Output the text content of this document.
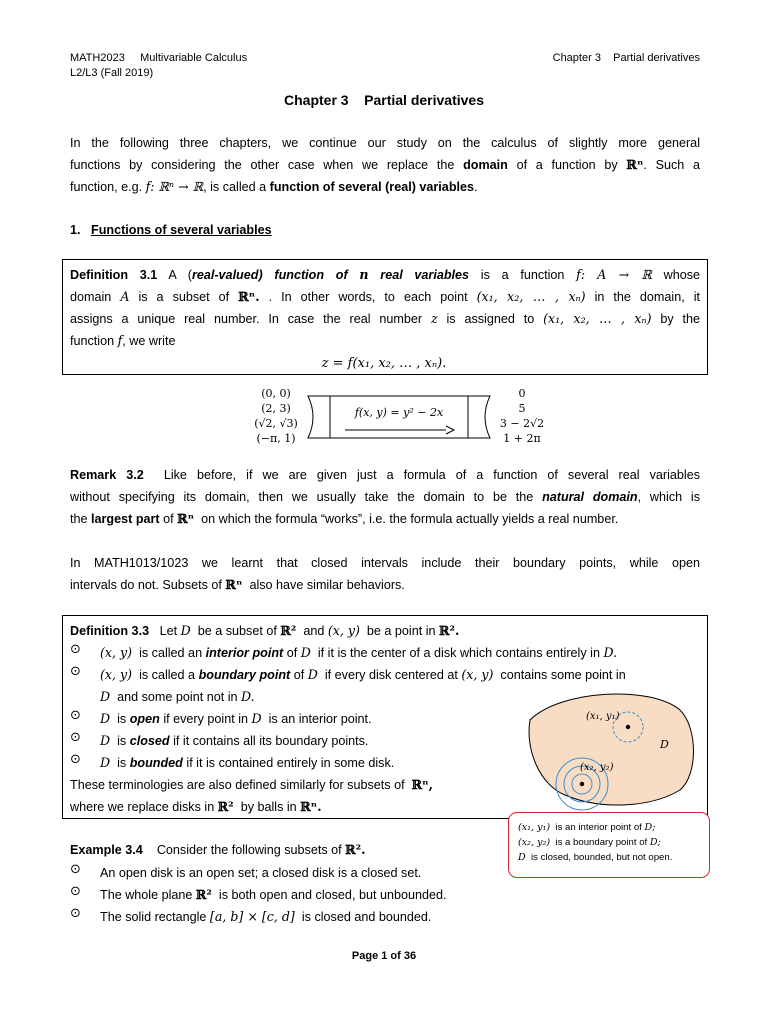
MATH2023 Multivariable Calculus
L2/L3 (Fall 2019)
Chapter 3 Partial derivatives
Chapter 3    Partial derivatives
In the following three chapters, we continue our study on the calculus of slightly more general
functions by considering the other case when we replace the domain of a function by ℝⁿ. Such a
function, e.g. f: ℝⁿ → ℝ, is called a function of several (real) variables.
1. Functions of several variables
Definition 3.1 A (real-valued) function of n real variables is a function f: A → ℝ whose
domain A is a subset of ℝⁿ. . In other words, to each point (x₁, x₂, … , xₙ) in the domain, it
assigns a unique real number. In case the real number z is assigned to (x₁, x₂, … , xₙ) by the
function f, we write
z = f(x₁, x₂, … , xₙ).
(0, 0)
(2, 3)
(√2, √3)
(−π, 1)
f(x, y) = y² − 2x
0
5
3 − 2√2
1 + 2π
Remark 3.2 Like before, if we are given just a formula of a function of several real variables
without specifying its domain, then we usually take the domain to be the natural domain, which is
the largest part of ℝⁿ on which the formula “works”, i.e. the formula actually yields a real number.
In MATH1013/1023 we learnt that closed intervals include their boundary points, while open
intervals do not. Subsets of ℝⁿ also have similar behaviors.
Definition 3.3 Let D be a subset of ℝ² and (x, y) be a point in ℝ².
⊙ (x, y) is called an interior point of D if it is the center of a disk which contains entirely in D.
⊙ (x, y) is called a boundary point of D if every disk centered at (x, y) contains some point in
D and some point not in D.
⊙ D is open if every point in D is an interior point.
⊙ D is closed if it contains all its boundary points.
⊙ D is bounded if it is contained entirely in some disk.
These terminologies are also defined similarly for subsets of ℝⁿ,
where we replace disks in ℝ² by balls in ℝⁿ.
(x₁, y₁)
D
(x₂, y₂)
(x₁, y₁) is an interior point of D;
(x₂, y₂) is a boundary point of D;
D is closed, bounded, but not open.
Example 3.4 Consider the following subsets of ℝ².
⊙ An open disk is an open set; a closed disk is a closed set.
⊙ The whole plane ℝ² is both open and closed, but unbounded.
⊙ The solid rectangle [a, b] × [c, d] is closed and bounded.
Page 1 of 36
